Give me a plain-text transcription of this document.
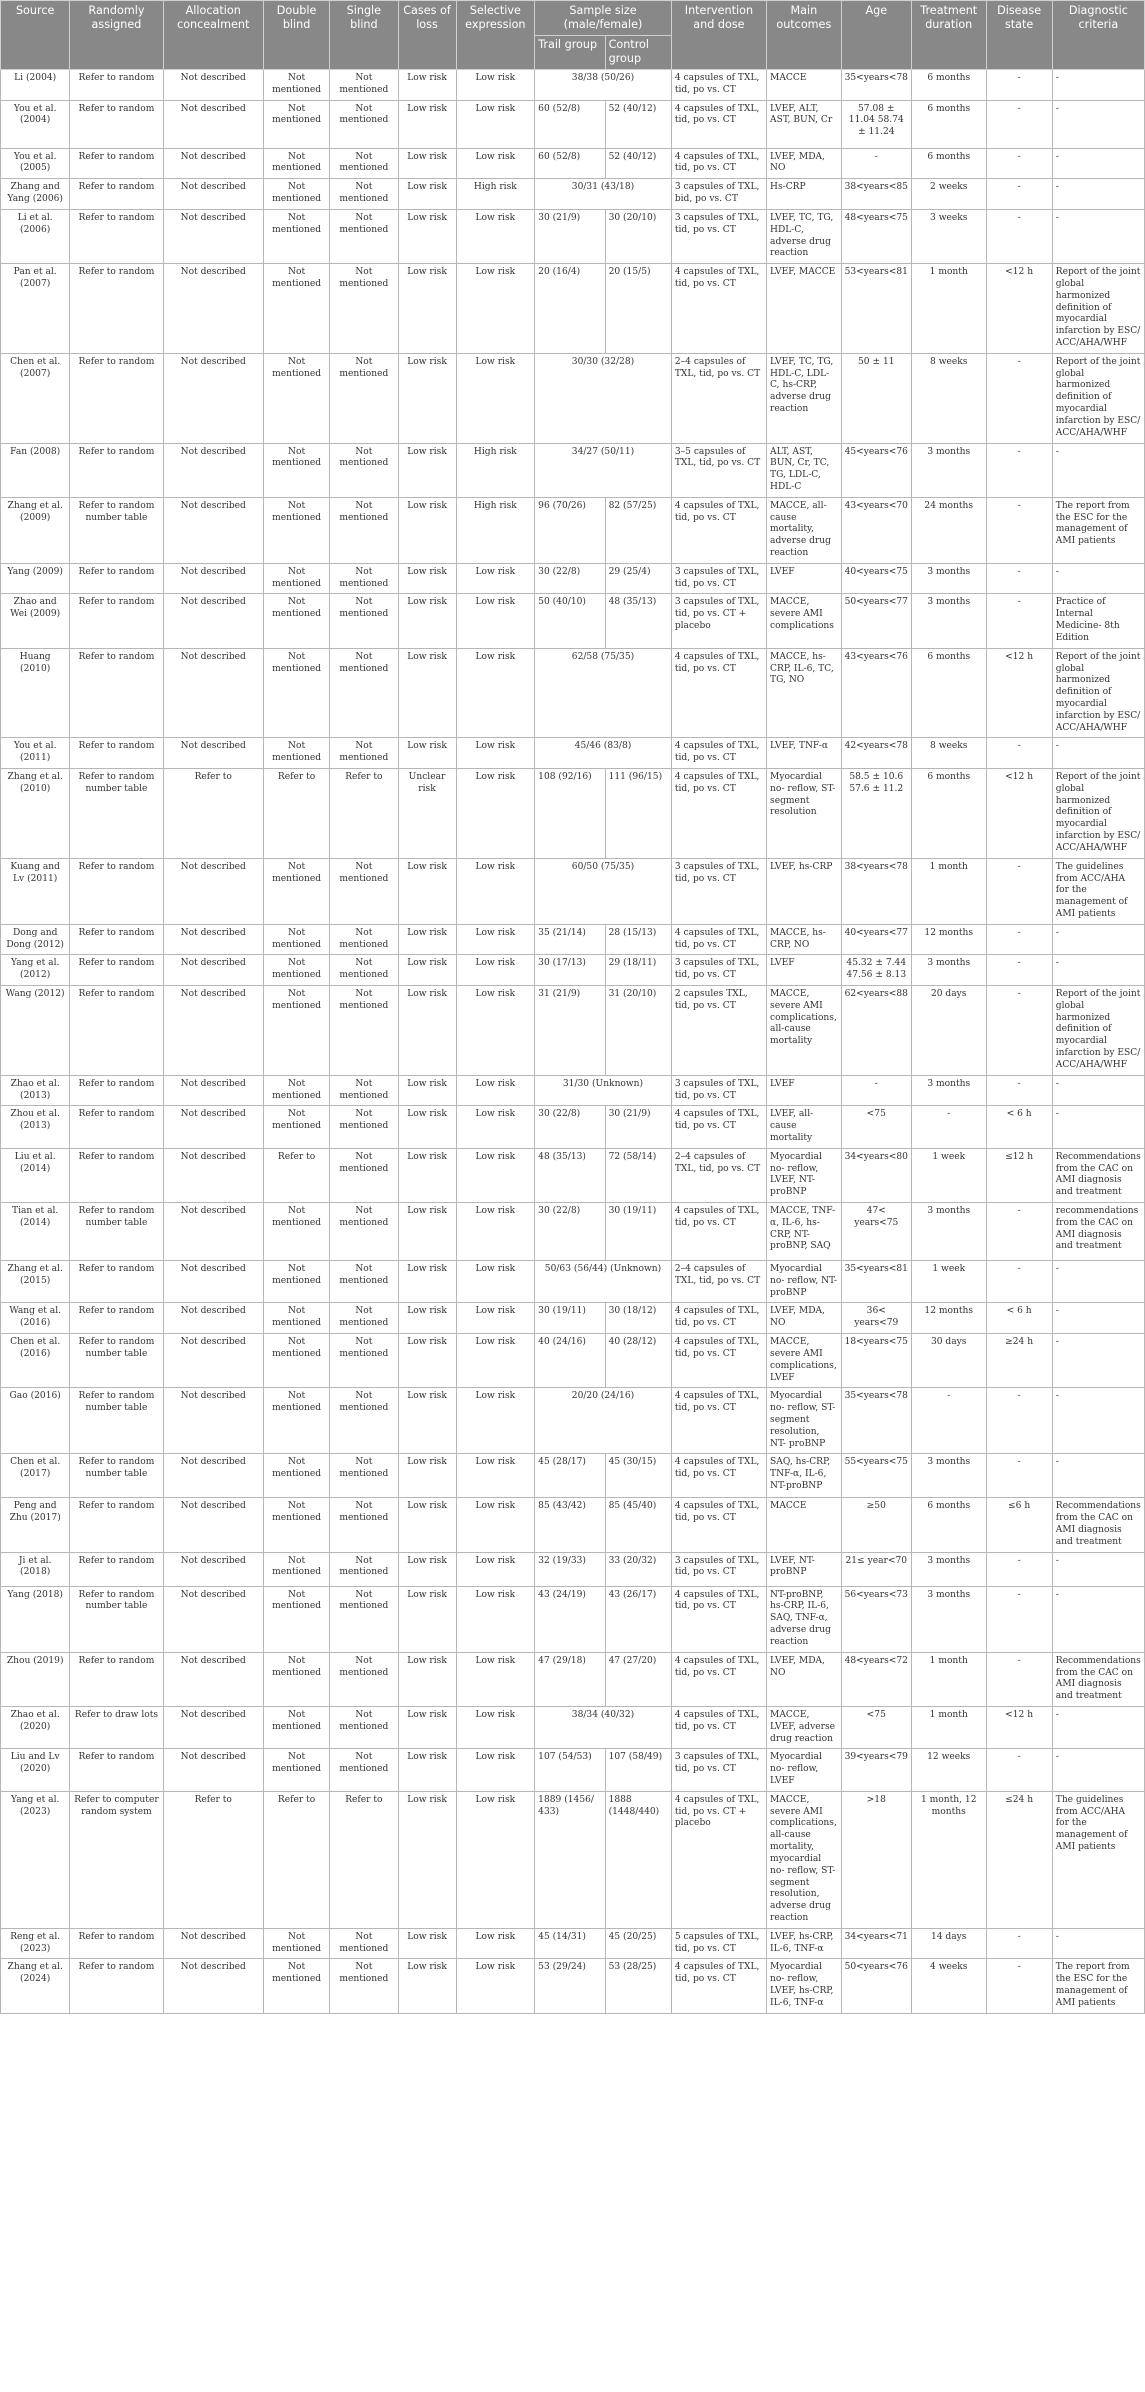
Source	Randomly assigned	Allocation concealment	Double blind	Single blind	Cases of loss	Selective expression	Sample size (male/female)		Intervention and dose	Main outcomes	Age	Treatment duration	Disease state	Diagnostic criteria
							Trail group	Control group						
Li (2004)	Refer to random	Not described	Not mentioned	Not mentioned	Low risk	Low risk	38/38 (50/26)		4 capsules of TXL, tid, po vs. CT	MACCE	35<years<78	6 months	-	-
You et al. (2004)	Refer to random	Not described	Not mentioned	Not mentioned	Low risk	Low risk	60 (52/8)	52 (40/12)	4 capsules of TXL, tid, po vs. CT	LVEF, ALT, AST, BUN, Cr	57.08 ± 11.04 58.74 ± 11.24	6 months	-	-
You et al. (2005)	Refer to random	Not described	Not mentioned	Not mentioned	Low risk	Low risk	60 (52/8)	52 (40/12)	4 capsules of TXL, tid, po vs. CT	LVEF, MDA, NO	-	6 months	-	-
Zhang and Yang (2006)	Refer to random	Not described	Not mentioned	Not mentioned	Low risk	High risk	30/31 (43/18)		3 capsules of TXL, bid, po vs. CT	Hs-CRP	38<years<85	2 weeks	-	-
Li et al. (2006)	Refer to random	Not described	Not mentioned	Not mentioned	Low risk	Low risk	30 (21/9)	30 (20/10)	3 capsules of TXL, tid, po vs. CT	LVEF, TC, TG, HDL-C, adverse drug reaction	48<years<75	3 weeks	-	-
Pan et al. (2007)	Refer to random	Not described	Not mentioned	Not mentioned	Low risk	Low risk	20 (16/4)	20 (15/5)	4 capsules of TXL, tid, po vs. CT	LVEF, MACCE	53<years<81	1 month	<12 h	Report of the joint global harmonized definition of myocardial infarction by ESC/ ACC/AHA/WHF
Chen et al. (2007)	Refer to random	Not described	Not mentioned	Not mentioned	Low risk	Low risk	30/30 (32/28)		2–4 capsules of TXL, tid, po vs. CT	LVEF, TC, TG, HDL-C, LDL-C, hs-CRP, adverse drug reaction	50 ± 11	8 weeks	-	Report of the joint global harmonized definition of myocardial infarction by ESC/ ACC/AHA/WHF
Fan (2008)	Refer to random	Not described	Not mentioned	Not mentioned	Low risk	High risk	34/27 (50/11)		3–5 capsules of TXL, tid, po vs. CT	ALT, AST, BUN, Cr, TC, TG, LDL-C, HDL-C	45<years<76	3 months	-	-
Zhang et al. (2009)	Refer to random number table	Not described	Not mentioned	Not mentioned	Low risk	High risk	96 (70/26)	82 (57/25)	4 capsules of TXL, tid, po vs. CT	MACCE, all-cause mortality, adverse drug reaction	43<years<70	24 months	-	The report from the ESC for the management of AMI patients
Yang (2009)	Refer to random	Not described	Not mentioned	Not mentioned	Low risk	Low risk	30 (22/8)	29 (25/4)	3 capsules of TXL, tid, po vs. CT	LVEF	40<years<75	3 months	-	-
Zhao and Wei (2009)	Refer to random	Not described	Not mentioned	Not mentioned	Low risk	Low risk	50 (40/10)	48 (35/13)	3 capsules of TXL, tid, po vs. CT + placebo	MACCE, severe AMI complications	50<years<77	3 months	-	Practice of Internal Medicine- 8th Edition
Huang (2010)	Refer to random	Not described	Not mentioned	Not mentioned	Low risk	Low risk	62/58 (75/35)		4 capsules of TXL, tid, po vs. CT	MACCE, hs-CRP, IL-6, TC, TG, NO	43<years<76	6 months	<12 h	Report of the joint global harmonized definition of myocardial infarction by ESC/ ACC/AHA/WHF
You et al. (2011)	Refer to random	Not described	Not mentioned	Not mentioned	Low risk	Low risk	45/46 (83/8)		4 capsules of TXL, tid, po vs. CT	LVEF, TNF-α	42<years<78	8 weeks	-	-
Zhang et al. (2010)	Refer to random number table	Refer to	Refer to	Refer to	Unclear risk	Low risk	108 (92/16)	111 (96/15)	4 capsules of TXL, tid, po vs. CT	Myocardial no- reflow, ST- segment resolution	58.5 ± 10.6 57.6 ± 11.2	6 months	<12 h	Report of the joint global harmonized definition of myocardial infarction by ESC/ ACC/AHA/WHF
Kuang and Lv (2011)	Refer to random	Not described	Not mentioned	Not mentioned	Low risk	Low risk	60/50 (75/35)		3 capsules of TXL, tid, po vs. CT	LVEF, hs-CRP	38<years<78	1 month	-	The guidelines from ACC/AHA for the management of AMI patients
Dong and Dong (2012)	Refer to random	Not described	Not mentioned	Not mentioned	Low risk	Low risk	35 (21/14)	28 (15/13)	4 capsules of TXL, tid, po vs. CT	MACCE, hs- CRP, NO	40<years<77	12 months	-	-
Yang et al. (2012)	Refer to random	Not described	Not mentioned	Not mentioned	Low risk	Low risk	30 (17/13)	29 (18/11)	3 capsules of TXL, tid, po vs. CT	LVEF	45.32 ± 7.44 47.56 ± 8.13	3 months	-	-
Wang (2012)	Refer to random	Not described	Not mentioned	Not mentioned	Low risk	Low risk	31 (21/9)	31 (20/10)	2 capsules TXL, tid, po vs. CT	MACCE, severe AMI complications, all-cause mortality	62<years<88	20 days	-	Report of the joint global harmonized definition of myocardial infarction by ESC/ ACC/AHA/WHF
Zhao et al. (2013)	Refer to random	Not described	Not mentioned	Not mentioned	Low risk	Low risk	31/30 (Unknown)		3 capsules of TXL, tid, po vs. CT	LVEF	-	3 months	-	-
Zhou et al. (2013)	Refer to random	Not described	Not mentioned	Not mentioned	Low risk	Low risk	30 (22/8)	30 (21/9)	4 capsules of TXL, tid, po vs. CT	LVEF, all-cause mortality	<75	-	< 6 h	-
Liu et al. (2014)	Refer to random	Not described	Refer to	Not mentioned	Low risk	Low risk	48 (35/13)	72 (58/14)	2–4 capsules of TXL, tid, po vs. CT	Myocardial no- reflow, LVEF, NT-proBNP	34<years<80	1 week	≤12 h	Recommendations from the CAC on AMI diagnosis and treatment
Tian et al. (2014)	Refer to random number table	Not described	Not mentioned	Not mentioned	Low risk	Low risk	30 (22/8)	30 (19/11)	4 capsules of TXL, tid, po vs. CT	MACCE, TNF-α, IL-6, hs-CRP, NT- proBNP, SAQ	47< years<75	3 months	-	recommendations from the CAC on AMI diagnosis and treatment
Zhang et al. (2015)	Refer to random	Not described	Not mentioned	Not mentioned	Low risk	Low risk	50/63 (56/44) (Unknown)		2–4 capsules of TXL, tid, po vs. CT	Myocardial no- reflow, NT- proBNP	35<years<81	1 week	-	-
Wang et al. (2016)	Refer to random	Not described	Not mentioned	Not mentioned	Low risk	Low risk	30 (19/11)	30 (18/12)	4 capsules of TXL, tid, po vs. CT	LVEF, MDA, NO	36< years<79	12 months	< 6 h	-
Chen et al. (2016)	Refer to random number table	Not described	Not mentioned	Not mentioned	Low risk	Low risk	40 (24/16)	40 (28/12)	4 capsules of TXL, tid, po vs. CT	MACCE, severe AMI complications, LVEF	18<years<75	30 days	≥24 h	-
Gao (2016)	Refer to random number table	Not described	Not mentioned	Not mentioned	Low risk	Low risk	20/20 (24/16)		4 capsules of TXL, tid, po vs. CT	Myocardial no- reflow, ST- segment resolution, NT- proBNP	35<years<78	-	-	-
Chen et al. (2017)	Refer to random number table	Not described	Not mentioned	Not mentioned	Low risk	Low risk	45 (28/17)	45 (30/15)	4 capsules of TXL, tid, po vs. CT	SAQ, hs-CRP, TNF-α, IL-6, NT-proBNP	55<years<75	3 months	-	-
Peng and Zhu (2017)	Refer to random	Not described	Not mentioned	Not mentioned	Low risk	Low risk	85 (43/42)	85 (45/40)	4 capsules of TXL, tid, po vs. CT	MACCE	≥50	6 months	≤6 h	Recommendations from the CAC on AMI diagnosis and treatment
Ji et al. (2018)	Refer to random	Not described	Not mentioned	Not mentioned	Low risk	Low risk	32 (19/33)	33 (20/32)	3 capsules of TXL, tid, po vs. CT	LVEF, NT- proBNP	21≤ year<70	3 months	-	-
Yang (2018)	Refer to random number table	Not described	Not mentioned	Not mentioned	Low risk	Low risk	43 (24/19)	43 (26/17)	4 capsules of TXL, tid, po vs. CT	NT-proBNP, hs-CRP, IL-6, SAQ, TNF-α, adverse drug reaction	56<years<73	3 months	-	-
Zhou (2019)	Refer to random	Not described	Not mentioned	Not mentioned	Low risk	Low risk	47 (29/18)	47 (27/20)	4 capsules of TXL, tid, po vs. CT	LVEF, MDA, NO	48<years<72	1 month	-	Recommendations from the CAC on AMI diagnosis and treatment
Zhao et al. (2020)	Refer to draw lots	Not described	Not mentioned	Not mentioned	Low risk	Low risk	38/34 (40/32)		4 capsules of TXL, tid, po vs. CT	MACCE, LVEF, adverse drug reaction	<75	1 month	<12 h	-
Liu and Lv (2020)	Refer to random	Not described	Not mentioned	Not mentioned	Low risk	Low risk	107 (54/53)	107 (58/49)	3 capsules of TXL, tid, po vs. CT	Myocardial no- reflow, LVEF	39<years<79	12 weeks	-	-
Yang et al. (2023)	Refer to computer random system	Refer to	Refer to	Refer to	Low risk	Low risk	1889 (1456/ 433)	1888 (1448/440)	4 capsules of TXL, tid, po vs. CT + placebo	MACCE, severe AMI complications, all-cause mortality, myocardial no- reflow, ST- segment resolution, adverse drug reaction	>18	1 month, 12 months	≤24 h	The guidelines from ACC/AHA for the management of AMI patients
Reng et al. (2023)	Refer to random	Not described	Not mentioned	Not mentioned	Low risk	Low risk	45 (14/31)	45 (20/25)	5 capsules of TXL, tid, po vs. CT	LVEF, hs-CRP, IL-6, TNF-α	34<years<71	14 days	-	-
Zhang et al. (2024)	Refer to random	Not described	Not mentioned	Not mentioned	Low risk	Low risk	53 (29/24)	53 (28/25)	4 capsules of TXL, tid, po vs. CT	Myocardial no- reflow, LVEF, hs-CRP, IL-6, TNF-α	50<years<76	4 weeks	-	The report from the ESC for the management of AMI patients
